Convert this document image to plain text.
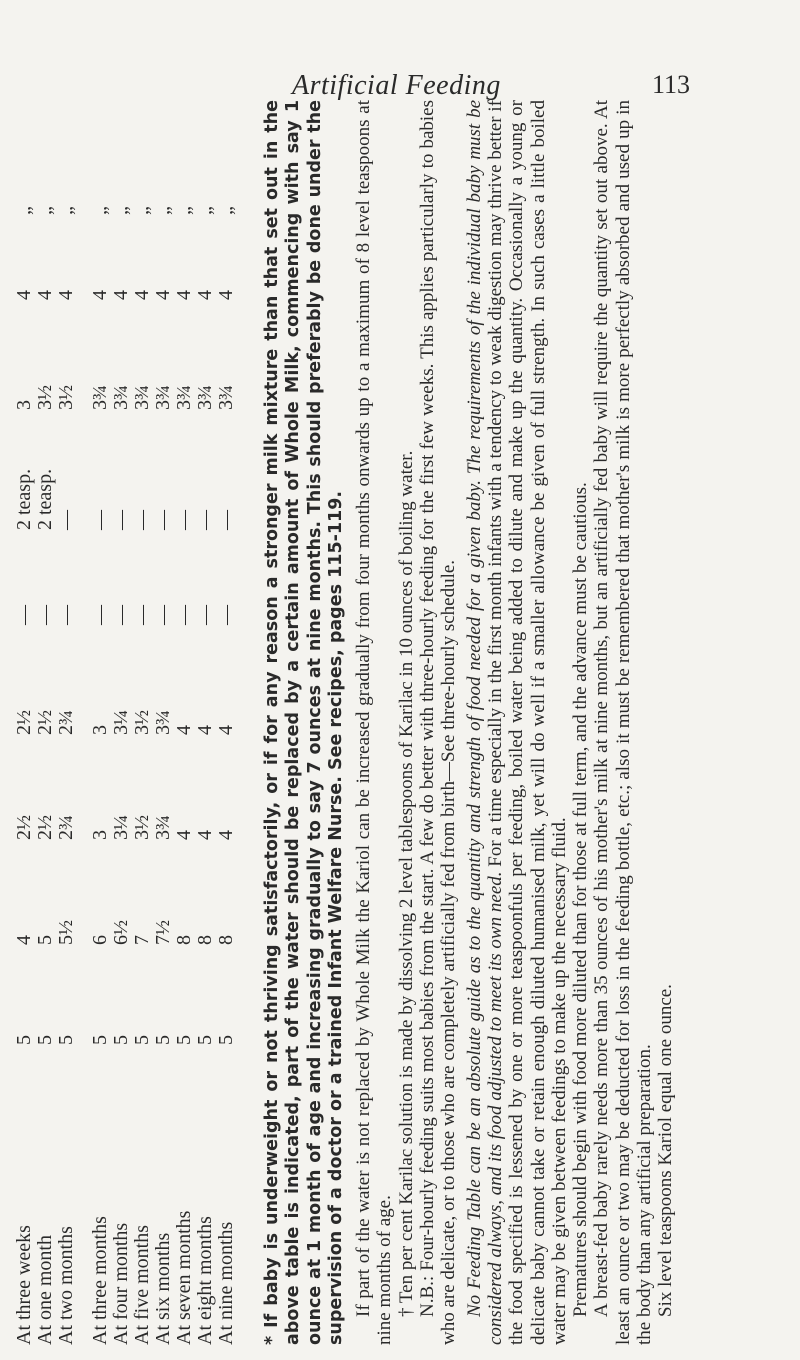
Artificial Feeding	113
At three weeks
5
4
2½
2½
—
2 teasp.
3
4
„
At one month
5
5
2½
2½
—
2 teasp.
3½
4
„
At two months
5
5½
2¾
2¾
—
—
3½
4
„
At three months
5
6
3
3
—
—
3¾
4
„
At four months
5
6½
3¼
3¼
—
—
3¾
4
„
At five months
5
7
3½
3½
—
—
3¾
4
„
At six months
5
7½
3¾
3¾
—
—
3¾
4
„
At seven months
5
8
4
4
—
—
3¾
4
„
At eight months
5
8
4
4
—
—
3¾
4
„
At nine months
5
8
4
4
—
—
3¾
4
„ * If baby is underweight or not thriving satisfactorily, or if for any reason a stronger milk mixture than that set out in the above table is indicated, part of the water should be replaced by a certain amount of Whole Milk, commencing with say 1 ounce at 1 month of age and increasing gradually to say 7 ounces at nine months. This should preferably be done under the supervision of a doctor or a trained Infant Welfare Nurse. See recipes, pages 115-119. If part of the water is not replaced by Whole Milk the Kariol can be increased gradually from four months onwards up to a maximum of 8 level teaspoons at nine months of age. † Ten per cent Karilac solution is made by dissolving 2 level tablespoons of Karilac in 10 ounces of boiling water. N.B.: Four-hourly feeding suits most babies from the start. A few do better with three-hourly feeding for the first few weeks. This applies particularly to babies who are delicate, or to those who are completely artificially fed from birth—See three-hourly schedule. No Feeding Table can be an absolute guide as to the quantity and strength of food needed for a given baby. The requirements of the individual baby must be considered always, and its food adjusted to meet its own need. For a time especially in the first month infants with a tendency to weak digestion may thrive better if the food specified is lessened by one or more teaspoonfuls per feeding, boiled water being added to dilute and make up the quantity. Occasionally a young or delicate baby cannot take or retain enough diluted humanised milk, yet will do well if a smaller allowance be given of full strength. In such cases a little boiled water may be given between feedings to make up the necessary fluid. Prematures should begin with food more diluted than for those at full term, and the advance must be cautious. A breast-fed baby rarely needs more than 35 ounces of his mother's milk at nine months, but an artificially fed baby will require the quantity set out above. At least an ounce or two may be deducted for loss in the feeding bottle, etc.; also it must be remembered that mother's milk is more perfectly absorbed and used up in the body than any artificial preparation. Six level teaspoons Kariol equal one ounce.
